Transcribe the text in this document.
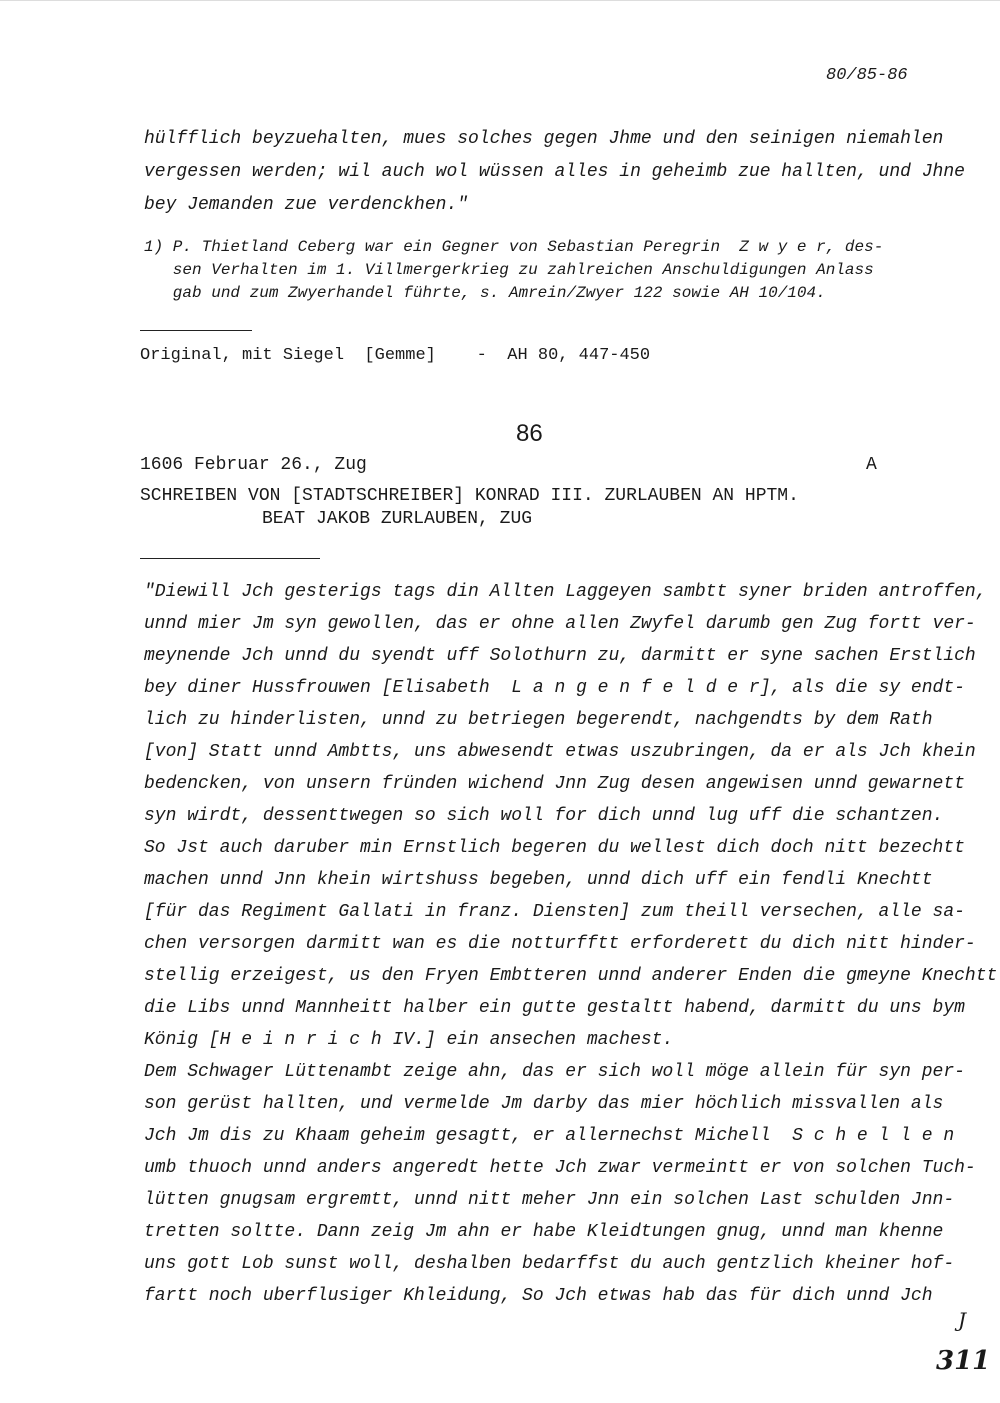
80/85-86
hülfflich beyzuehalten, mues solches gegen Jhme und den seinigen niemahlen
vergessen werden; wil auch wol wüssen alles in geheimb zue hallten, und Jhne
bey Jemanden zue verdenckhen."
1) P. Thietland Ceberg war ein Gegner von Sebastian Peregrin  Z w y e r, des-
sen Verhalten im 1. Villmergerkrieg zu zahlreichen Anschuldigungen Anlass
gab und zum Zwyerhandel führte, s. Amrein/Zwyer 122 sowie AH 10/104.
Original, mit Siegel  [Gemme]    -  AH 80, 447-450
86
1606 Februar 26., Zug	A
SCHREIBEN VON [STADTSCHREIBER] KONRAD III. ZURLAUBEN AN HPTM.
BEAT JAKOB ZURLAUBEN, ZUG
"Diewill Jch gesterigs tags din Allten Laggeyen sambtt syner briden antroffen,
unnd mier Jm syn gewollen, das er ohne allen Zwyfel darumb gen Zug fortt ver-
meynende Jch unnd du syendt uff Solothurn zu, darmitt er syne sachen Erstlich
bey diner Hussfrouwen [Elisabeth  L a n g e n f e l d e r], als die sy endt-
lich zu hinderlisten, unnd zu betriegen begerendt, nachgendts by dem Rath
[von] Statt unnd Ambtts, uns abwesendt etwas uszubringen, da er als Jch khein
bedencken, von unsern fründen wichend Jnn Zug desen angewisen unnd gewarnett
syn wirdt, dessenttwegen so sich woll for dich unnd lug uff die schantzen.
So Jst auch daruber min Ernstlich begeren du wellest dich doch nitt bezechtt
machen unnd Jnn khein wirtshuss begeben, unnd dich uff ein fendli Knechtt
[für das Regiment Gallati in franz. Diensten] zum theill versechen, alle sa-
chen versorgen darmitt wan es die notturfftt erforderett du dich nitt hinder-
stellig erzeigest, us den Fryen Embtteren unnd anderer Enden die gmeyne Knechtt
die Libs unnd Mannheitt halber ein gutte gestaltt habend, darmitt du uns bym
König [H e i n r i c h IV.] ein ansechen machest.
Dem Schwager Lüttenambt zeige ahn, das er sich woll möge allein für syn per-
son gerüst hallten, und vermelde Jm darby das mier höchlich missvallen als
Jch Jm dis zu Khaam geheim gesagtt, er allernechst Michell  S c h e l l e n
umb thuoch unnd anders angeredt hette Jch zwar vermeintt er von solchen Tuch-
lütten gnugsam ergremtt, unnd nitt meher Jnn ein solchen Last schulden Jnn-
tretten soltte. Dann zeig Jm ahn er habe Kleidtungen gnug, unnd man khenne
uns gott Lob sunst woll, deshalben bedarffst du auch gentzlich kheiner hof-
fartt noch uberflusiger Khleidung, So Jch etwas hab das für dich unnd Jch
J
311
